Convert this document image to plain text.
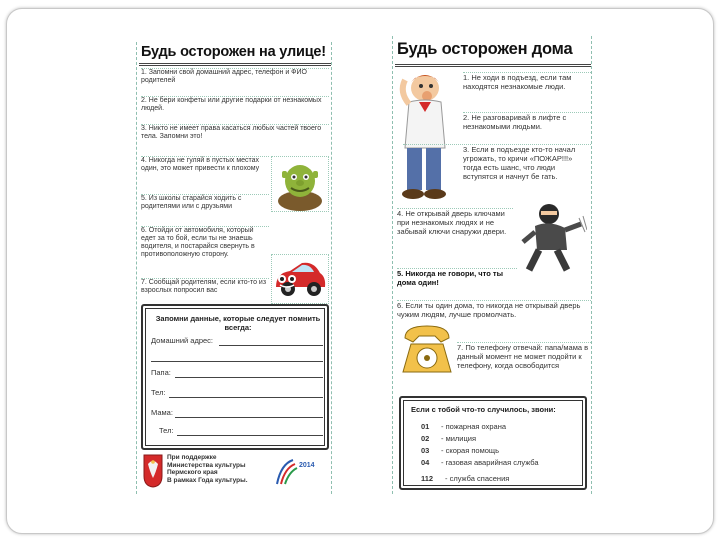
Будь осторожен на улице!
1. Запомни свой домашний адрес, телефон и ФИО родителей
2. Не бери конфеты или другие подарки от незнакомых людей.
3. Никто не имеет права касаться любых частей твоего тела. Запомни это!
4. Никогда не гуляй в пустых местах один, это может привести к плохому
5. Из школы старайся ходить с родителями или с друзьями
6. Отойди от автомобиля, который едет за то бой, если ты не знаешь водителя, и постарайся свернуть в противоположную сторону.
7. Сообщай родителям, если кто-то из взрослых попросил вас
Запомни данные, которые следует помнить всегда:
Домашний адрес:
Папа:
Тел:
Мама:
Тел:
При поддержке
Министерства культуры
Пермского края
В рамках Года культуры.
2014
Будь осторожен дома
1. Не ходи в подъезд, если там находятся незнакомые люди.
2. Не разговаривай в лифте с незнакомыми людьми.
3. Если в подъезде кто-то начал угрожать, то кричи «ПОЖАР!!!» тогда есть шанс, что люди вступятся и начнут бе гать.
4. Не открывай дверь ключами при незнакомых людях и не забывай ключи снаружи двери.
5. Никогда не говори, что ты дома один!
6. Если ты один дома, то никогда не открывай дверь чужим людям, лучше промолчать.
7. По телефону отвечай: папа/мама в данный момент не может подойти к телефону, когда освободится
Если с тобой что-то случилось, звони:
01 - пожарная охрана
02 - милиция
03 - скорая помощь
04 - газовая аварийная служба
112 - служба спасения
